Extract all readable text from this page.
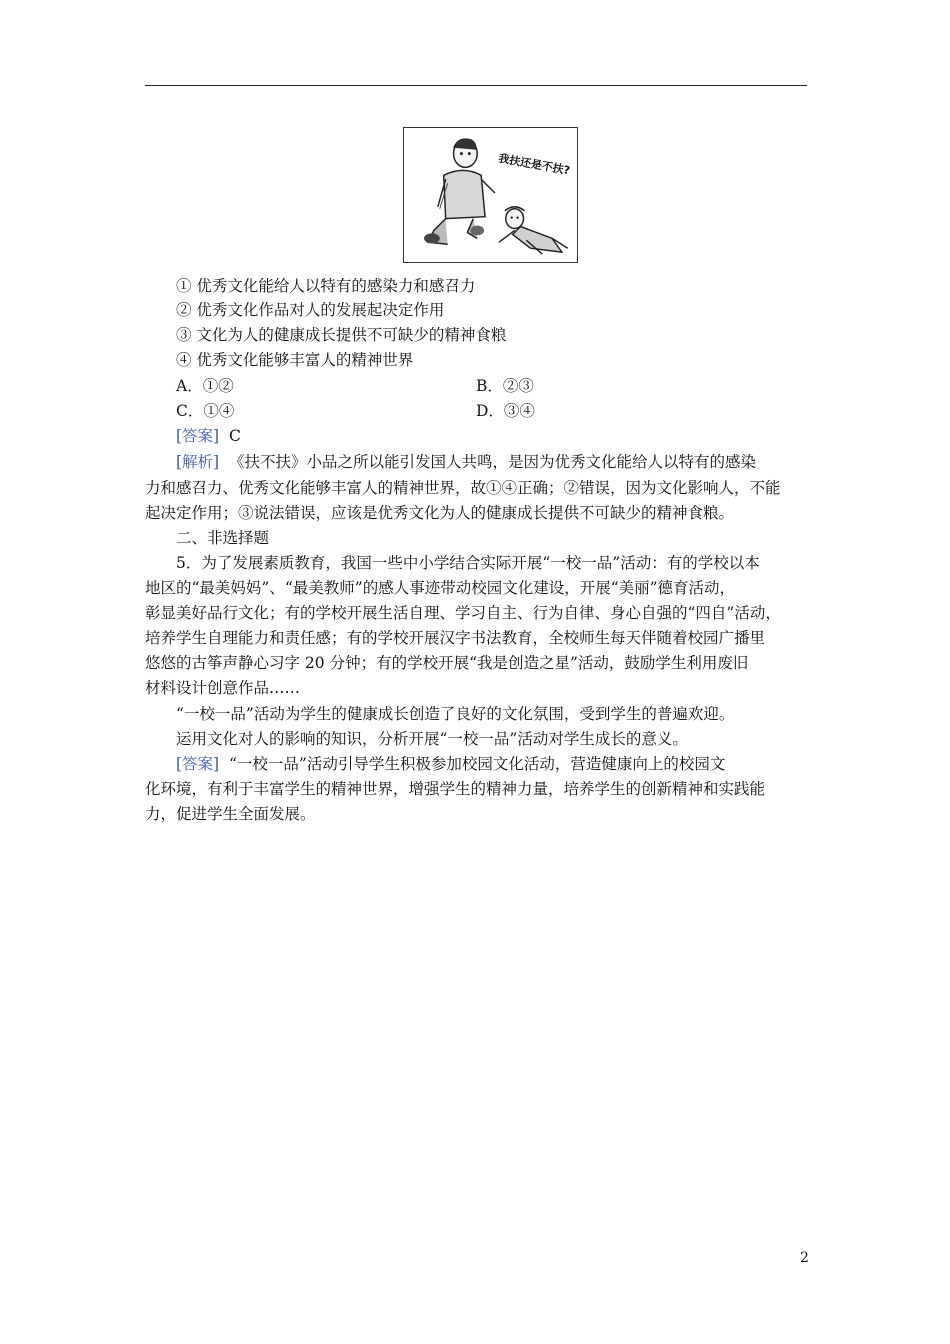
我扶还是不扶?
① 优秀文化能给人以特有的感染力和感召力
② 优秀文化作品对人的发展起决定作用
③ 文化为人的健康成长提供不可缺少的精神食粮
④ 优秀文化能够丰富人的精神世界
A．①②	B．②③
C．①④	D．③④
[答案] C
[解析] 《扶不扶》小品之所以能引发国人共鸣，是因为优秀文化能给人以特有的感染
力和感召力、优秀文化能够丰富人的精神世界，故①④正确；②错误，因为文化影响人，不能
起决定作用；③说法错误，应该是优秀文化为人的健康成长提供不可缺少的精神食粮。
二、非选择题
5．为了发展素质教育，我国一些中小学结合实际开展“一校一品”活动：有的学校以本
地区的“最美妈妈”、“最美教师”的感人事迹带动校园文化建设，开展“美丽”德育活动，
彰显美好品行文化；有的学校开展生活自理、学习自主、行为自律、身心自强的“四自”活动，
培养学生自理能力和责任感；有的学校开展汉字书法教育，全校师生每天伴随着校园广播里
悠悠的古筝声静心习字 20 分钟；有的学校开展“我是创造之星”活动，鼓励学生利用废旧
材料设计创意作品……
“一校一品”活动为学生的健康成长创造了良好的文化氛围，受到学生的普遍欢迎。
运用文化对人的影响的知识，分析开展“一校一品”活动对学生成长的意义。
[答案] “一校一品”活动引导学生积极参加校园文化活动，营造健康向上的校园文
化环境，有利于丰富学生的精神世界，增强学生的精神力量，培养学生的创新精神和实践能
力，促进学生全面发展。
2
